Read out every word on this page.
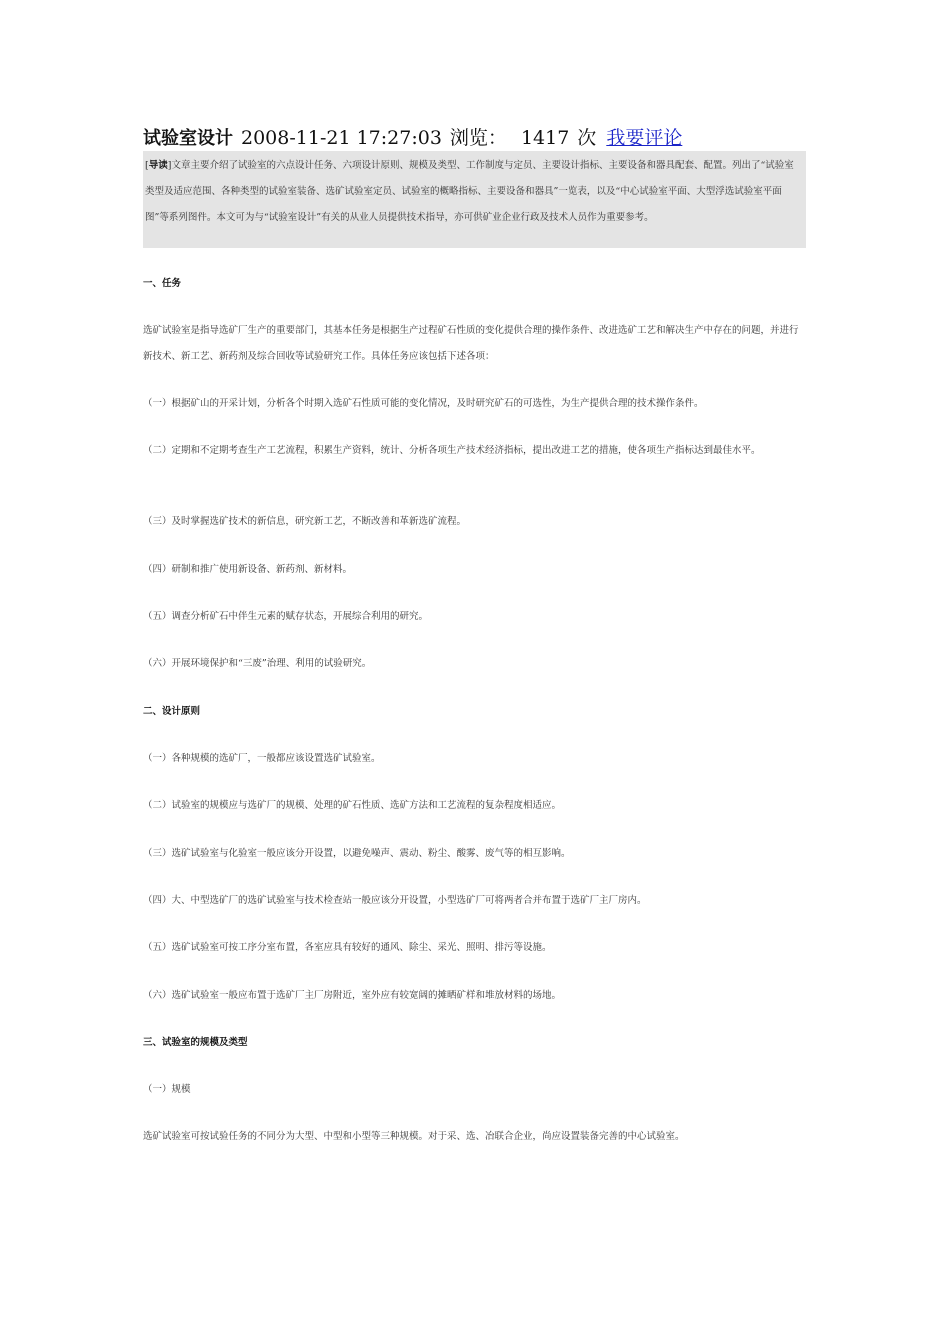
试验室设计 2008-11-21 17:27:03 浏览： 1417 次 我要评论
[导读]文章主要介绍了试验室的六点设计任务、六项设计原则、规模及类型、工作制度与定员、主要设计指标、主要设备和器具配套、配置。列出了“试验室类型及适应范围、各种类型的试验室装备、选矿试验室定员、试验室的概略指标、主要设备和器具”一览表，以及“中心试验室平面、大型浮选试验室平面图”等系列图件。本文可为与“试验室设计”有关的从业人员提供技术指导，亦可供矿业企业行政及技术人员作为重要参考。
一、任务
选矿试验室是指导选矿厂生产的重要部门，其基本任务是根据生产过程矿石性质的变化提供合理的操作条件、改进选矿工艺和解决生产中存在的问题，并进行新技术、新工艺、新药剂及综合回收等试验研究工作。具体任务应该包括下述各项：
（一）根据矿山的开采计划，分析各个时期入选矿石性质可能的变化情况，及时研究矿石的可选性，为生产提供合理的技术操作条件。
（二）定期和不定期考查生产工艺流程，积累生产资料，统计、分析各项生产技术经济指标，提出改进工艺的措施，使各项生产指标达到最佳水平。
（三）及时掌握选矿技术的新信息，研究新工艺，不断改善和革新选矿流程。
（四）研制和推广使用新设备、新药剂、新材料。
（五）调查分析矿石中伴生元素的赋存状态，开展综合利用的研究。
（六）开展环境保护和“三废”治理、利用的试验研究。
二、设计原则
（一）各种规模的选矿厂，一般都应该设置选矿试验室。
（二）试验室的规模应与选矿厂的规模、处理的矿石性质、选矿方法和工艺流程的复杂程度相适应。
（三）选矿试验室与化验室一般应该分开设置，以避免噪声、震动、粉尘、酸雾、废气等的相互影响。
（四）大、中型选矿厂的选矿试验室与技术检查站一般应该分开设置，小型选矿厂可将两者合并布置于选矿厂主厂房内。
（五）选矿试验室可按工序分室布置，各室应具有较好的通风、除尘、采光、照明、排污等设施。
（六）选矿试验室一般应布置于选矿厂主厂房附近，室外应有较宽阔的摊晒矿样和堆放材料的场地。
三、试验室的规模及类型
（一）规模
选矿试验室可按试验任务的不同分为大型、中型和小型等三种规模。对于采、选、冶联合企业，尚应设置装备完善的中心试验室。
